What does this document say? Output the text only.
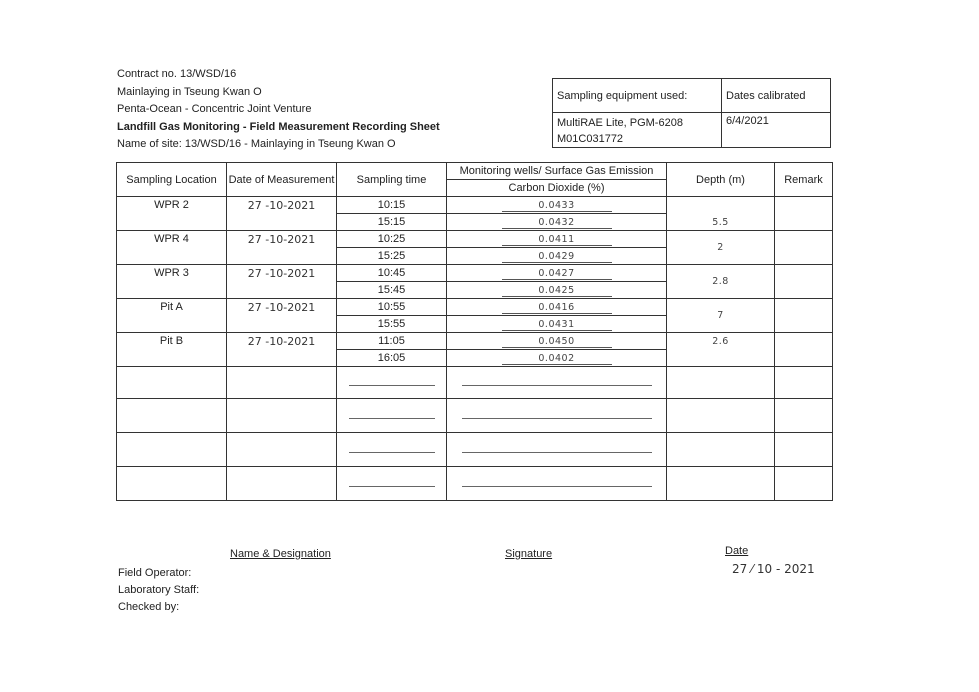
Contract no. 13/WSD/16
Mainlaying in Tseung Kwan O
Penta-Ocean - Concentric Joint Venture
Landfill Gas Monitoring - Field Measurement Recording Sheet
Name of site: 13/WSD/16 - Mainlaying in Tseung Kwan O
Sampling equipment used:	Dates calibrated

MultiRAE Lite, PGM-6208
M01C031772	6/4/2021
Sampling Location	Date of Measurement	Sampling time	Monitoring wells/ Surface Gas Emission	Depth (m)	Remark
			Carbon Dioxide (%)		
WPR 2	27 -10-2021	10:15	0.0433	5.5	
		15:15	0.0432		
WPR 4	27 -10-2021	10:25	0.0411	2	
		15:25	0.0429		
WPR 3	27 -10-2021	10:45	0.0427	2.8	
		15:45	0.0425		
Pit A	27 -10-2021	10:55	0.0416	7	
		15:55	0.0431		
Pit B	27 -10-2021	11:05	0.0450	2.6	
		16:05	0.0402		

Name & Designation	Signature	Date
27 ⁄ 10 - 2021
Field Operator:
Laboratory Staff:
Checked by:
